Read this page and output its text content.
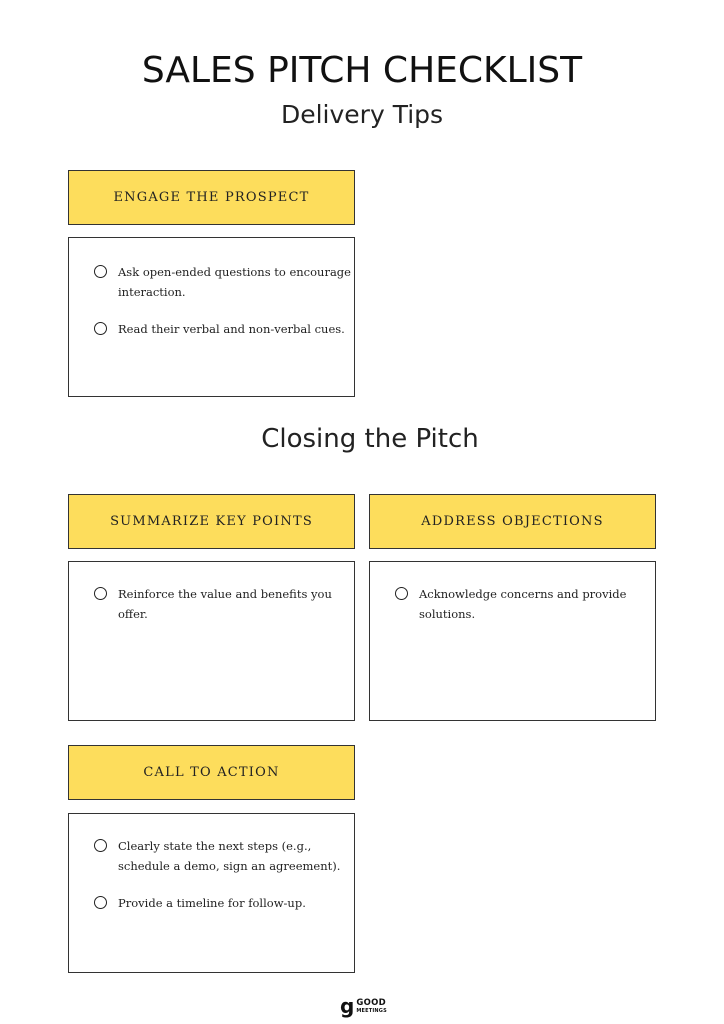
SALES PITCH CHECKLIST
Delivery Tips
ENGAGE THE PROSPECT
Ask open-ended questions to encourage interaction.
Read their verbal and non-verbal cues.
Closing the Pitch
SUMMARIZE KEY POINTS
Reinforce the value and benefits you offer.
ADDRESS OBJECTIONS
Acknowledge concerns and provide solutions.
CALL TO ACTION
Clearly state the next steps (e.g., schedule a demo, sign an agreement).
Provide a timeline for follow-up.
g GOOD
MEETINGS
